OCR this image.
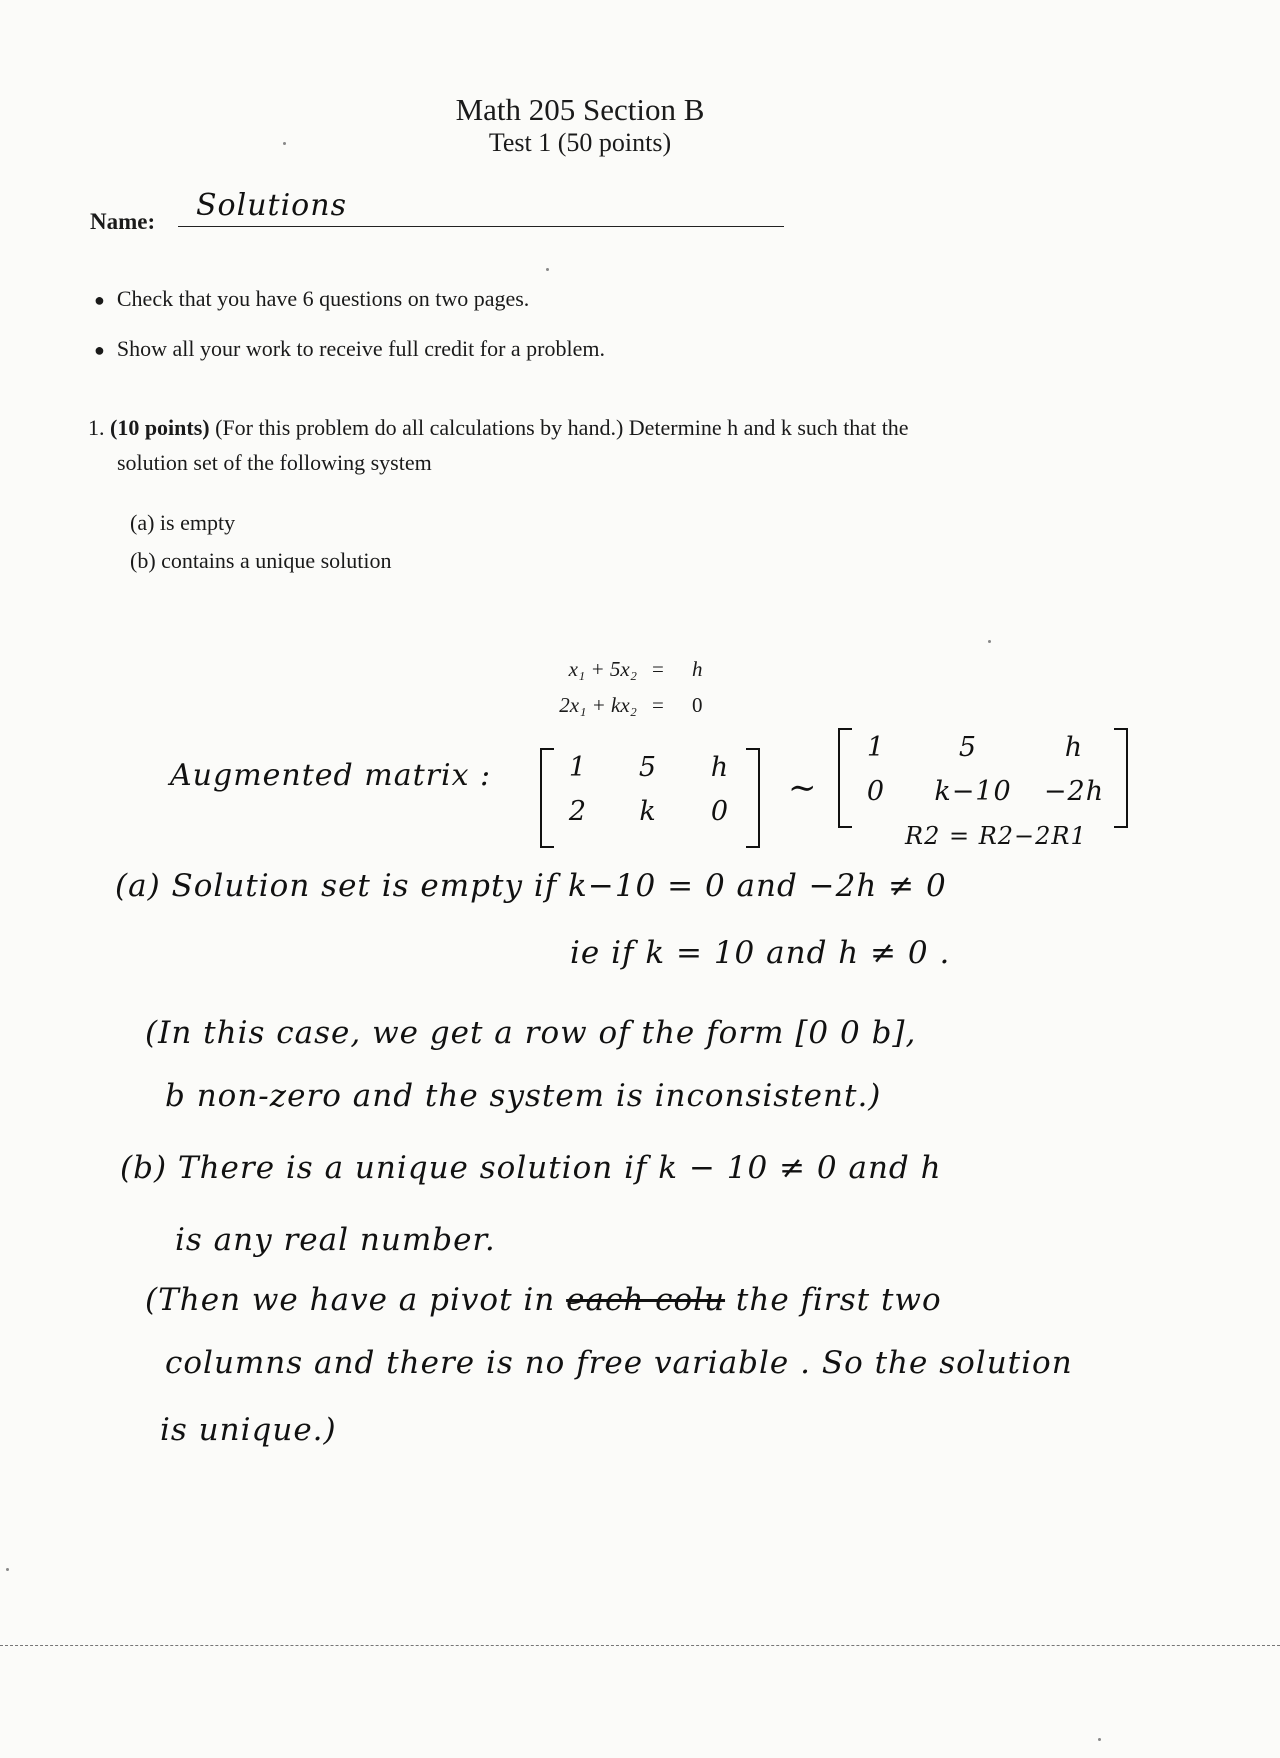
Math 205 Section B
Test 1 (50 points)
Name: Solutions
● Check that you have 6 questions on two pages.
● Show all your work to receive full credit for a problem.
1. (10 points) (For this problem do all calculations by hand.) Determine h and k such that the
solution set of the following system
(a) is empty
(b) contains a unique solution
x₁ + 5x₂ = h
2x₁ + kx₂ = 0
Augmented matrix :	1	5	h
2	k	0
∼
1	5	h
0	k−10	−2h
R2 = R2−2R1
(a) Solution set is empty if k−10 = 0 and −2h ≠ 0
ie if k = 10 and h ≠ 0 .
(In this case, we get a row of the form [0 0 b],
b non-zero and the system is inconsistent.)
(b) There is a unique solution if k − 10 ≠ 0 and h
is any real number.
(Then we have a pivot in each colu the first two
columns and there is no free variable . So the solution
is unique.)
